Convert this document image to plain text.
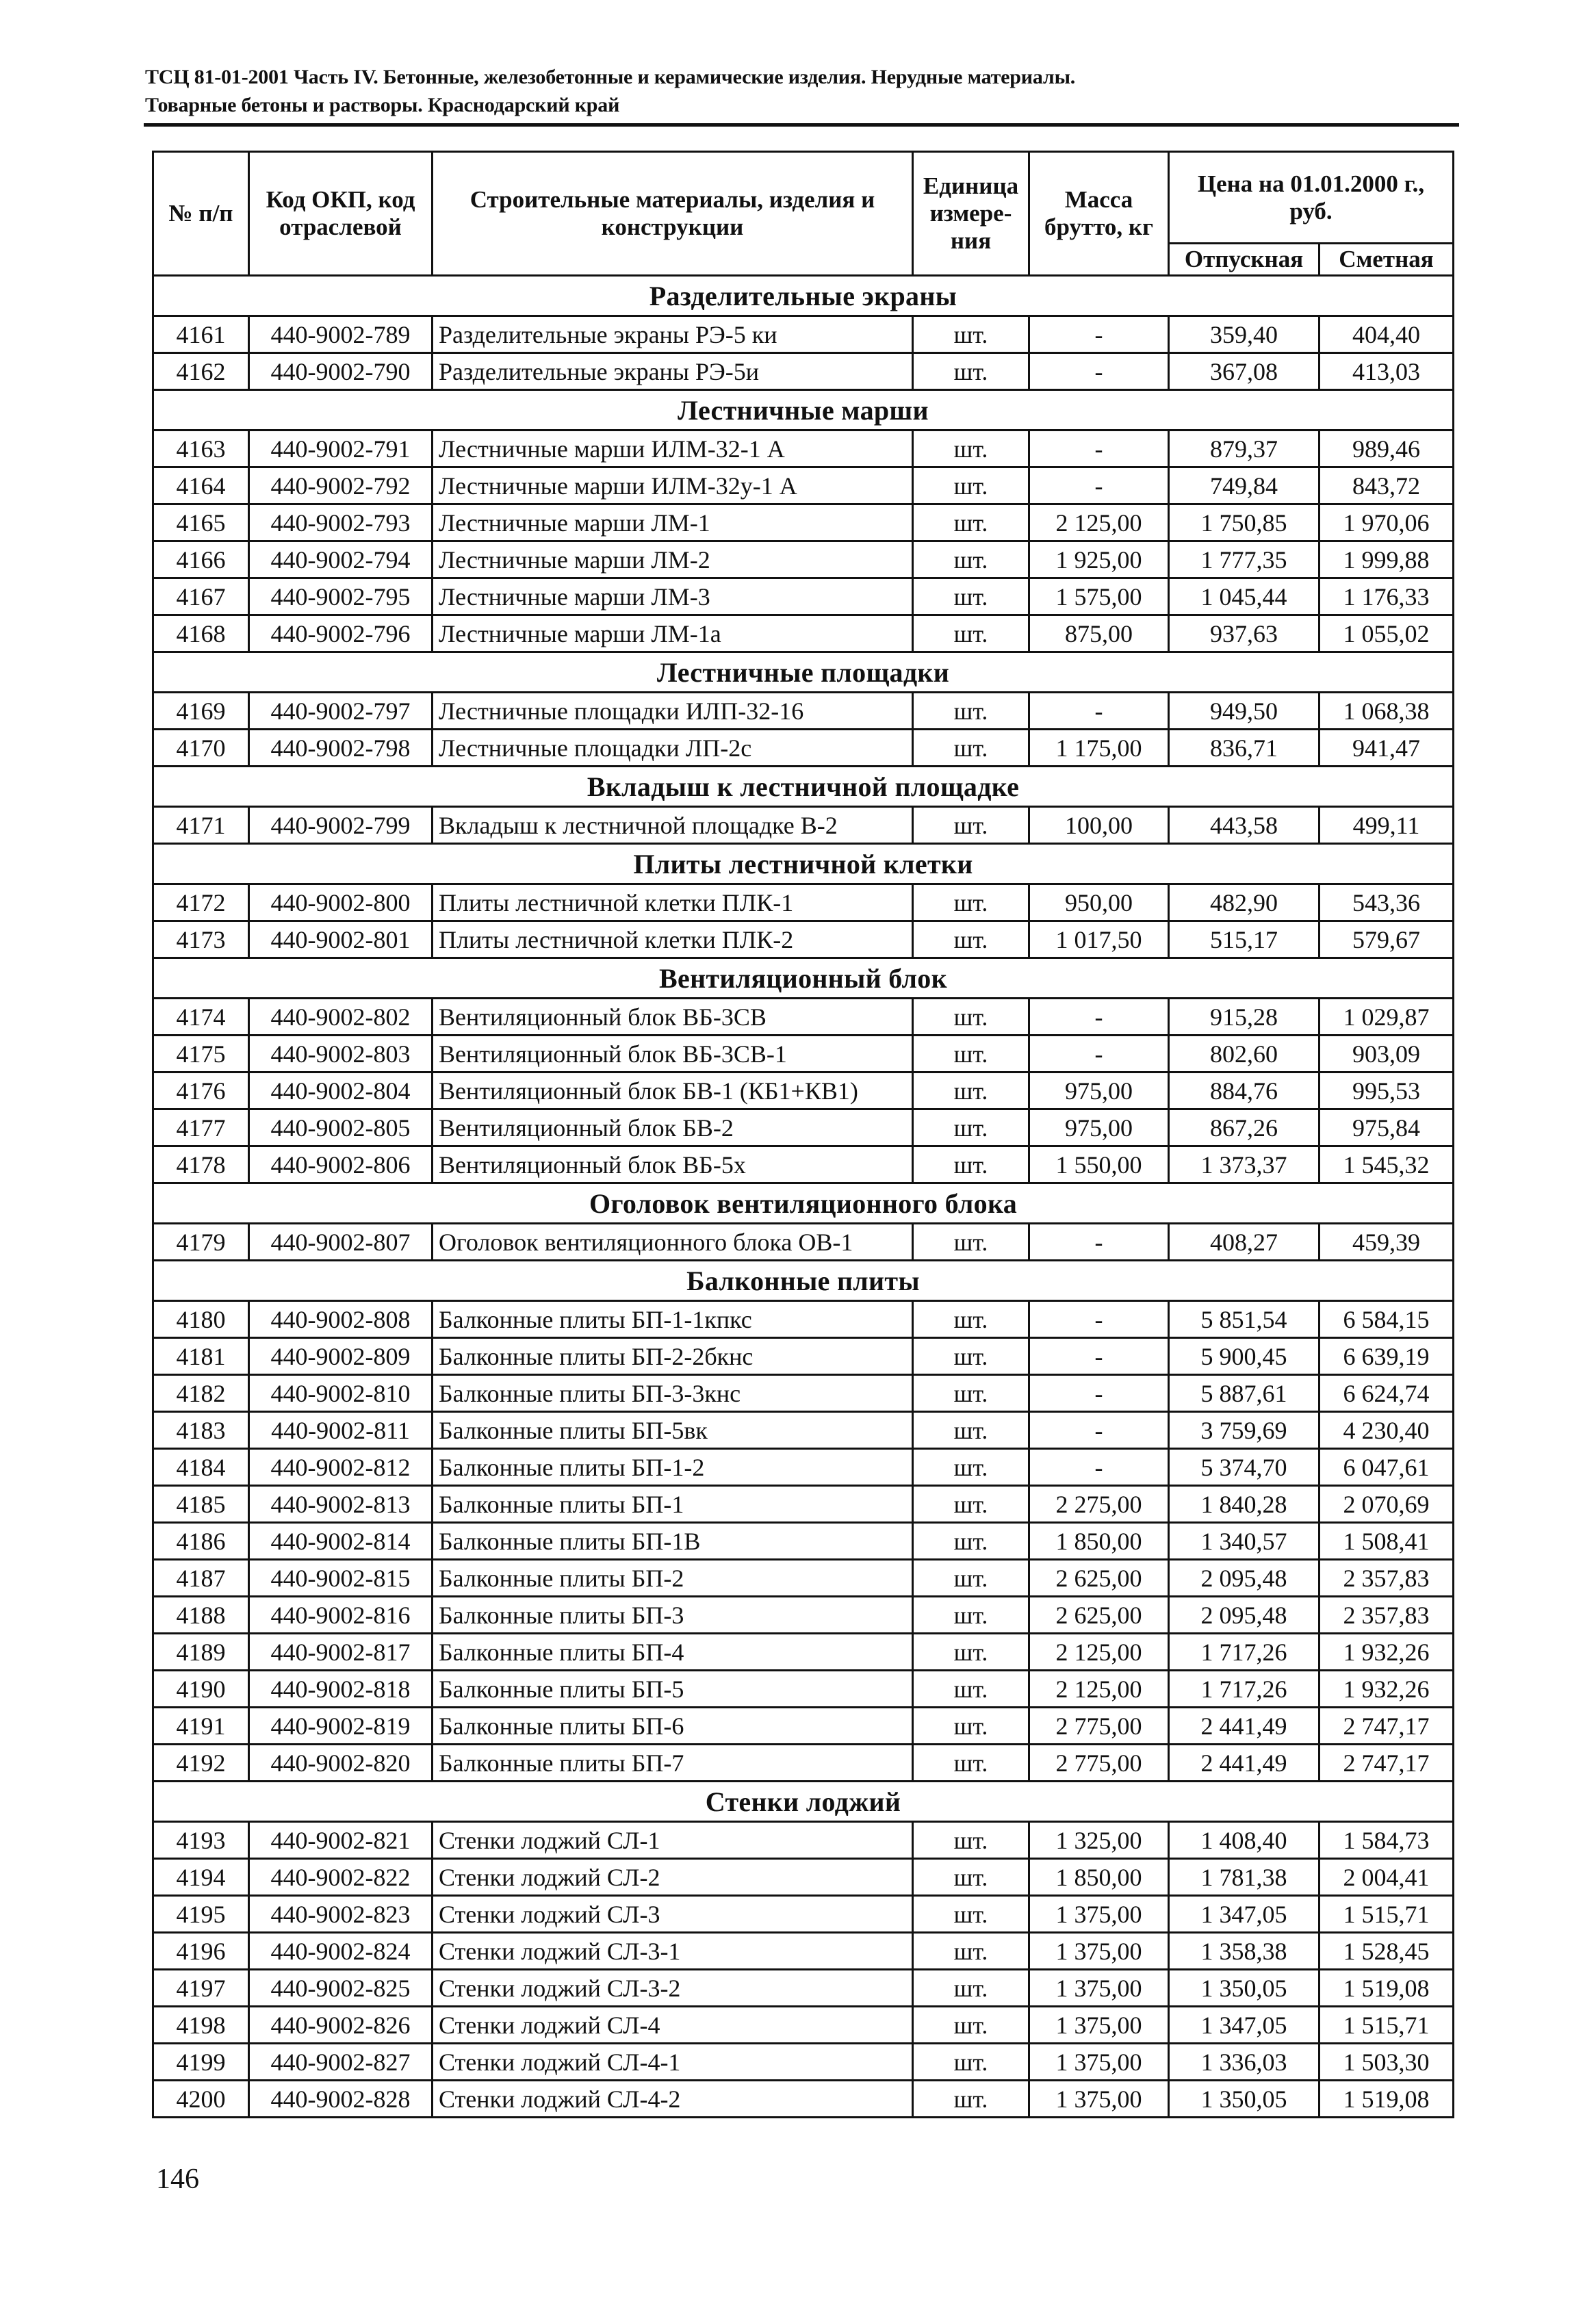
ТСЦ 81-01-2001 Часть IV. Бетонные, железобетонные и керамические изделия. Нерудные материалы.
Товарные бетоны и растворы. Краснодарский край
№ п/п	Код ОКП, код отраслевой	Строительные материалы, изделия и конструкции	Единица измере- ния	Масса брутто, кг	Цена на 01.01.2000 г., руб.	
					Отпускная	Сметная
Разделительные экраны						
4161	440-9002-789	Разделительные экраны РЭ-5 ки	шт.	-	359,40	404,40
4162	440-9002-790	Разделительные экраны РЭ-5и	шт.	-	367,08	413,03
Лестничные марши						
4163	440-9002-791	Лестничные марши ИЛМ-32-1 А	шт.	-	879,37	989,46
4164	440-9002-792	Лестничные марши ИЛМ-32у-1 А	шт.	-	749,84	843,72
4165	440-9002-793	Лестничные марши ЛМ-1	шт.	2 125,00	1 750,85	1 970,06
4166	440-9002-794	Лестничные марши ЛМ-2	шт.	1 925,00	1 777,35	1 999,88
4167	440-9002-795	Лестничные марши ЛМ-3	шт.	1 575,00	1 045,44	1 176,33
4168	440-9002-796	Лестничные марши ЛМ-1а	шт.	875,00	937,63	1 055,02
Лестничные площадки						
4169	440-9002-797	Лестничные площадки ИЛП-32-16	шт.	-	949,50	1 068,38
4170	440-9002-798	Лестничные площадки ЛП-2с	шт.	1 175,00	836,71	941,47
Вкладыш к лестничной площадке						
4171	440-9002-799	Вкладыш к лестничной площадке В-2	шт.	100,00	443,58	499,11
Плиты лестничной клетки						
4172	440-9002-800	Плиты лестничной клетки ПЛК-1	шт.	950,00	482,90	543,36
4173	440-9002-801	Плиты лестничной клетки ПЛК-2	шт.	1 017,50	515,17	579,67
Вентиляционный блок						
4174	440-9002-802	Вентиляционный блок ВБ-3СВ	шт.	-	915,28	1 029,87
4175	440-9002-803	Вентиляционный блок ВБ-3СВ-1	шт.	-	802,60	903,09
4176	440-9002-804	Вентиляционный блок БВ-1 (КБ1+КВ1)	шт.	975,00	884,76	995,53
4177	440-9002-805	Вентиляционный блок БВ-2	шт.	975,00	867,26	975,84
4178	440-9002-806	Вентиляционный блок ВБ-5х	шт.	1 550,00	1 373,37	1 545,32
Оголовок вентиляционного блока						
4179	440-9002-807	Оголовок вентиляционного блока ОВ-1	шт.	-	408,27	459,39
Балконные плиты						
4180	440-9002-808	Балконные плиты БП-1-1кпкс	шт.	-	5 851,54	6 584,15
4181	440-9002-809	Балконные плиты БП-2-2бкнс	шт.	-	5 900,45	6 639,19
4182	440-9002-810	Балконные плиты БП-3-3кнс	шт.	-	5 887,61	6 624,74
4183	440-9002-811	Балконные плиты БП-5вк	шт.	-	3 759,69	4 230,40
4184	440-9002-812	Балконные плиты БП-1-2	шт.	-	5 374,70	6 047,61
4185	440-9002-813	Балконные плиты БП-1	шт.	2 275,00	1 840,28	2 070,69
4186	440-9002-814	Балконные плиты БП-1В	шт.	1 850,00	1 340,57	1 508,41
4187	440-9002-815	Балконные плиты БП-2	шт.	2 625,00	2 095,48	2 357,83
4188	440-9002-816	Балконные плиты БП-3	шт.	2 625,00	2 095,48	2 357,83
4189	440-9002-817	Балконные плиты БП-4	шт.	2 125,00	1 717,26	1 932,26
4190	440-9002-818	Балконные плиты БП-5	шт.	2 125,00	1 717,26	1 932,26
4191	440-9002-819	Балконные плиты БП-6	шт.	2 775,00	2 441,49	2 747,17
4192	440-9002-820	Балконные плиты БП-7	шт.	2 775,00	2 441,49	2 747,17
Стенки лоджий						
4193	440-9002-821	Стенки лоджий СЛ-1	шт.	1 325,00	1 408,40	1 584,73
4194	440-9002-822	Стенки лоджий СЛ-2	шт.	1 850,00	1 781,38	2 004,41
4195	440-9002-823	Стенки лоджий СЛ-3	шт.	1 375,00	1 347,05	1 515,71
4196	440-9002-824	Стенки лоджий СЛ-3-1	шт.	1 375,00	1 358,38	1 528,45
4197	440-9002-825	Стенки лоджий СЛ-3-2	шт.	1 375,00	1 350,05	1 519,08
4198	440-9002-826	Стенки лоджий СЛ-4	шт.	1 375,00	1 347,05	1 515,71
4199	440-9002-827	Стенки лоджий СЛ-4-1	шт.	1 375,00	1 336,03	1 503,30
4200	440-9002-828	Стенки лоджий СЛ-4-2	шт.	1 375,00	1 350,05	1 519,08
146
